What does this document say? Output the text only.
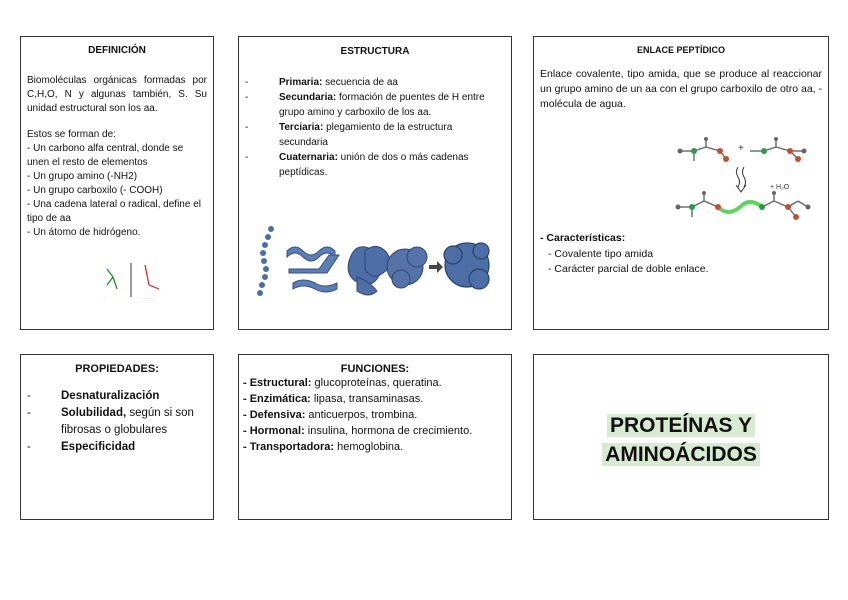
DEFINICIÓN
Biomoléculas orgánicas formadas por C,H,O, N y algunas también, S. Su unidad estructural son los aa.
Estos se forman de:
- Un carbono alfa central, donde se unen el resto de elementos
- Un grupo amino (-NH2)
- Un grupo carboxilo (- COOH)
- Una cadena lateral o radical, define el tipo de aa
- Un átomo de hidrógeno.
.....	..................
ESTRUCTURA
- Primaria: secuencia de aa
- Secundaria: formación de puentes de H entre grupo amino y carboxilo de los aa.
- Terciaria: plegamiento de la estructura secundaria
- Cuaternaria: unión de dos o más cadenas peptídicas.
ENLACE PEPTÍDICO
Enlace covalente, tipo amida, que se produce al reaccionar un grupo amino de un aa con el grupo carboxilo de otro aa, - molécula de agua.
+
+ H₂O
- Características:
- Covalente tipo amida
- Carácter parcial de doble enlace.
PROPIEDADES:
- Desnaturalización
- Solubilidad, según si son fibrosas o globulares
- Especificidad
FUNCIONES:
- Estructural: glucoproteínas, queratina.
- Enzimática: lipasa, transaminasas.
- Defensiva: anticuerpos, trombina.
- Hormonal: insulina, hormona de crecimiento.
- Transportadora: hemoglobina.
PROTEÍNAS Y
AMINOÁCIDOS
